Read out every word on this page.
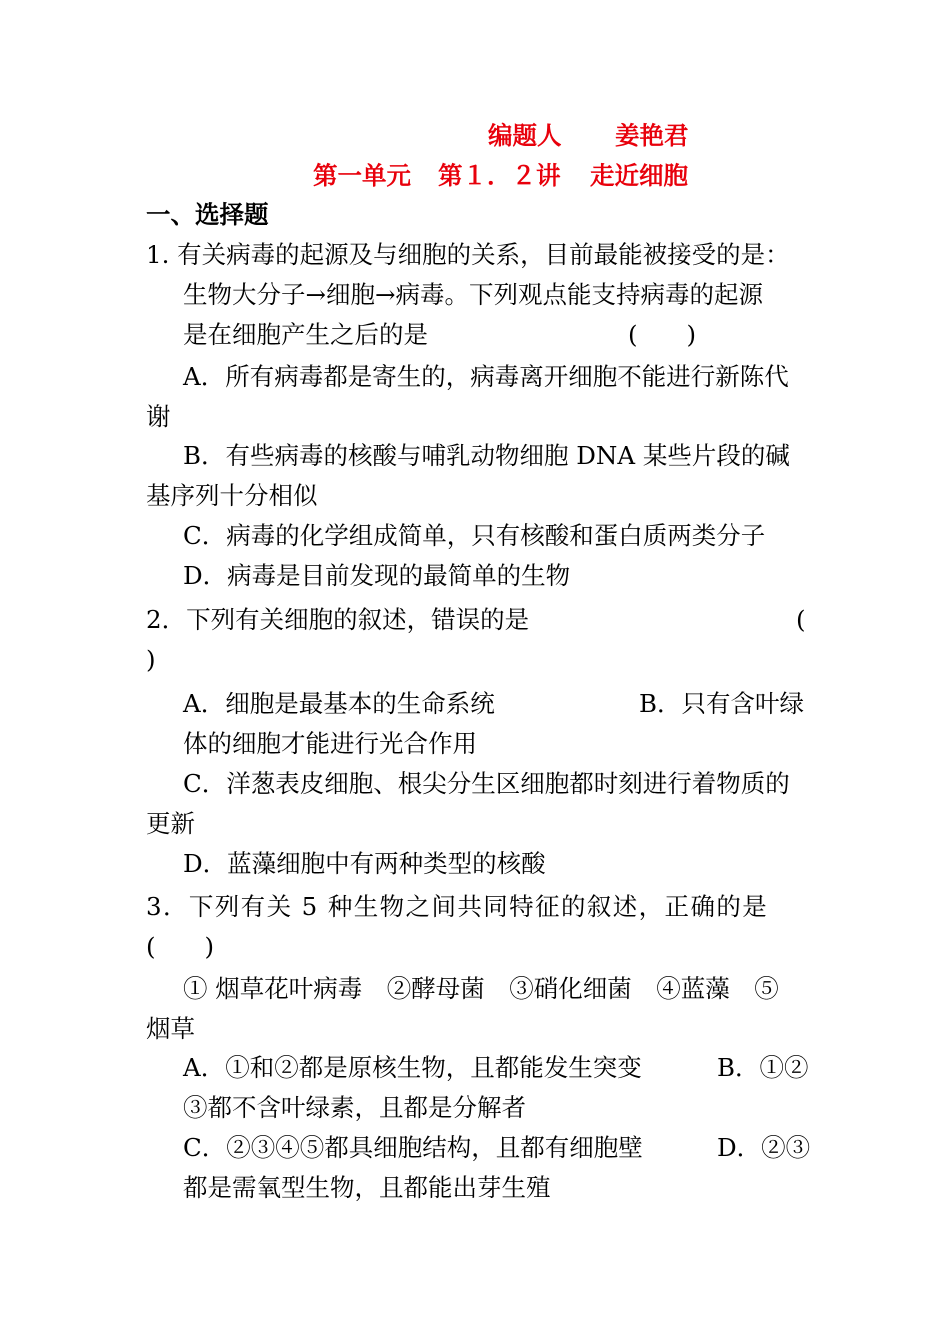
编题人 姜艳君
第一单元 第１．２讲 走近细胞
一、选择题
1. 有关病毒的起源及与细胞的关系，目前最能被接受的是：
生物大分子→细胞→病毒。下列观点能支持病毒的起源
是在细胞产生之后的是	(　　)
A．所有病毒都是寄生的，病毒离开细胞不能进行新陈代
谢
B．有些病毒的核酸与哺乳动物细胞 DNA 某些片段的碱
基序列十分相似
C．病毒的化学组成简单，只有核酸和蛋白质两类分子
D．病毒是目前发现的最简单的生物
2．下列有关细胞的叙述，错误的是	(
)
A．细胞是最基本的生命系统	B．只有含叶绿
体的细胞才能进行光合作用
C．洋葱表皮细胞、根尖分生区细胞都时刻进行着物质的
更新
D．蓝藻细胞中有两种类型的核酸
3．下列有关 5 种生物之间共同特征的叙述，正确的是
(　　)
① 烟草花叶病毒　②酵母菌　③硝化细菌　④蓝藻　⑤
烟草
A．①和②都是原核生物，且都能发生突变	B．①②
③都不含叶绿素，且都是分解者
C．②③④⑤都具细胞结构，且都有细胞壁	D．②③
都是需氧型生物，且都能出芽生殖
